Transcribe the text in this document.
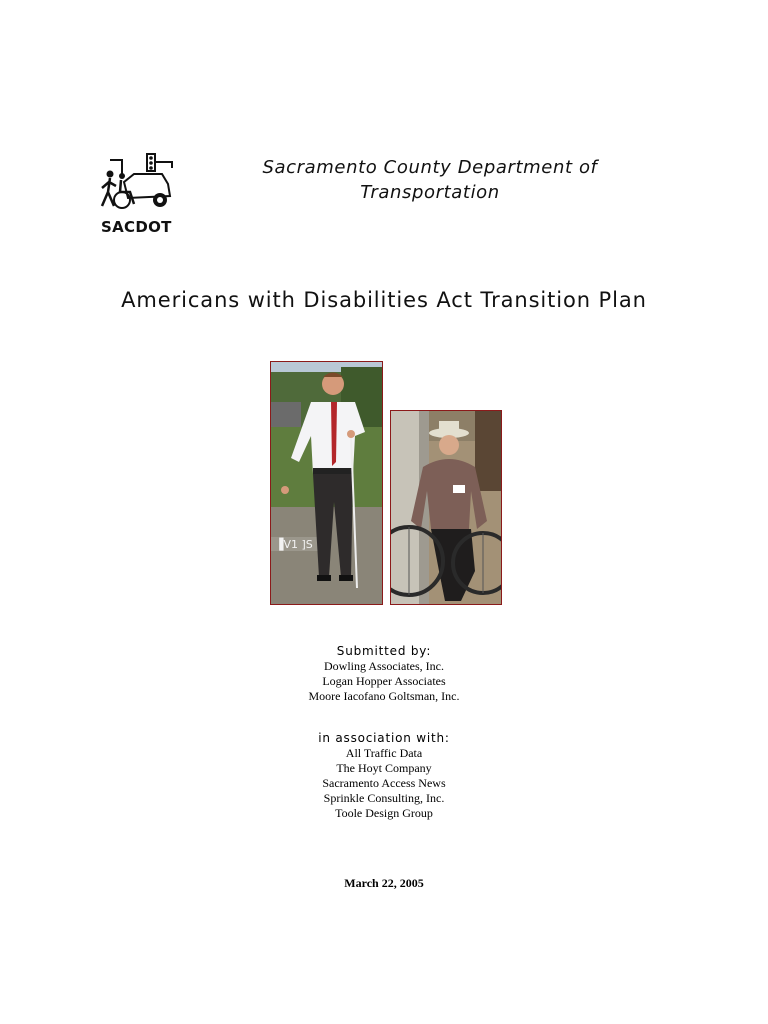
SACDOT
Sacramento County Department of
Transportation
Americans with Disabilities Act Transition Plan
▐V1 ]S
Submitted by:
Dowling Associates, Inc.
Logan Hopper Associates
Moore Iacofano Goltsman, Inc.
in association with:
All Traffic Data
The Hoyt Company
Sacramento Access News
Sprinkle Consulting, Inc.
Toole Design Group
March 22, 2005
